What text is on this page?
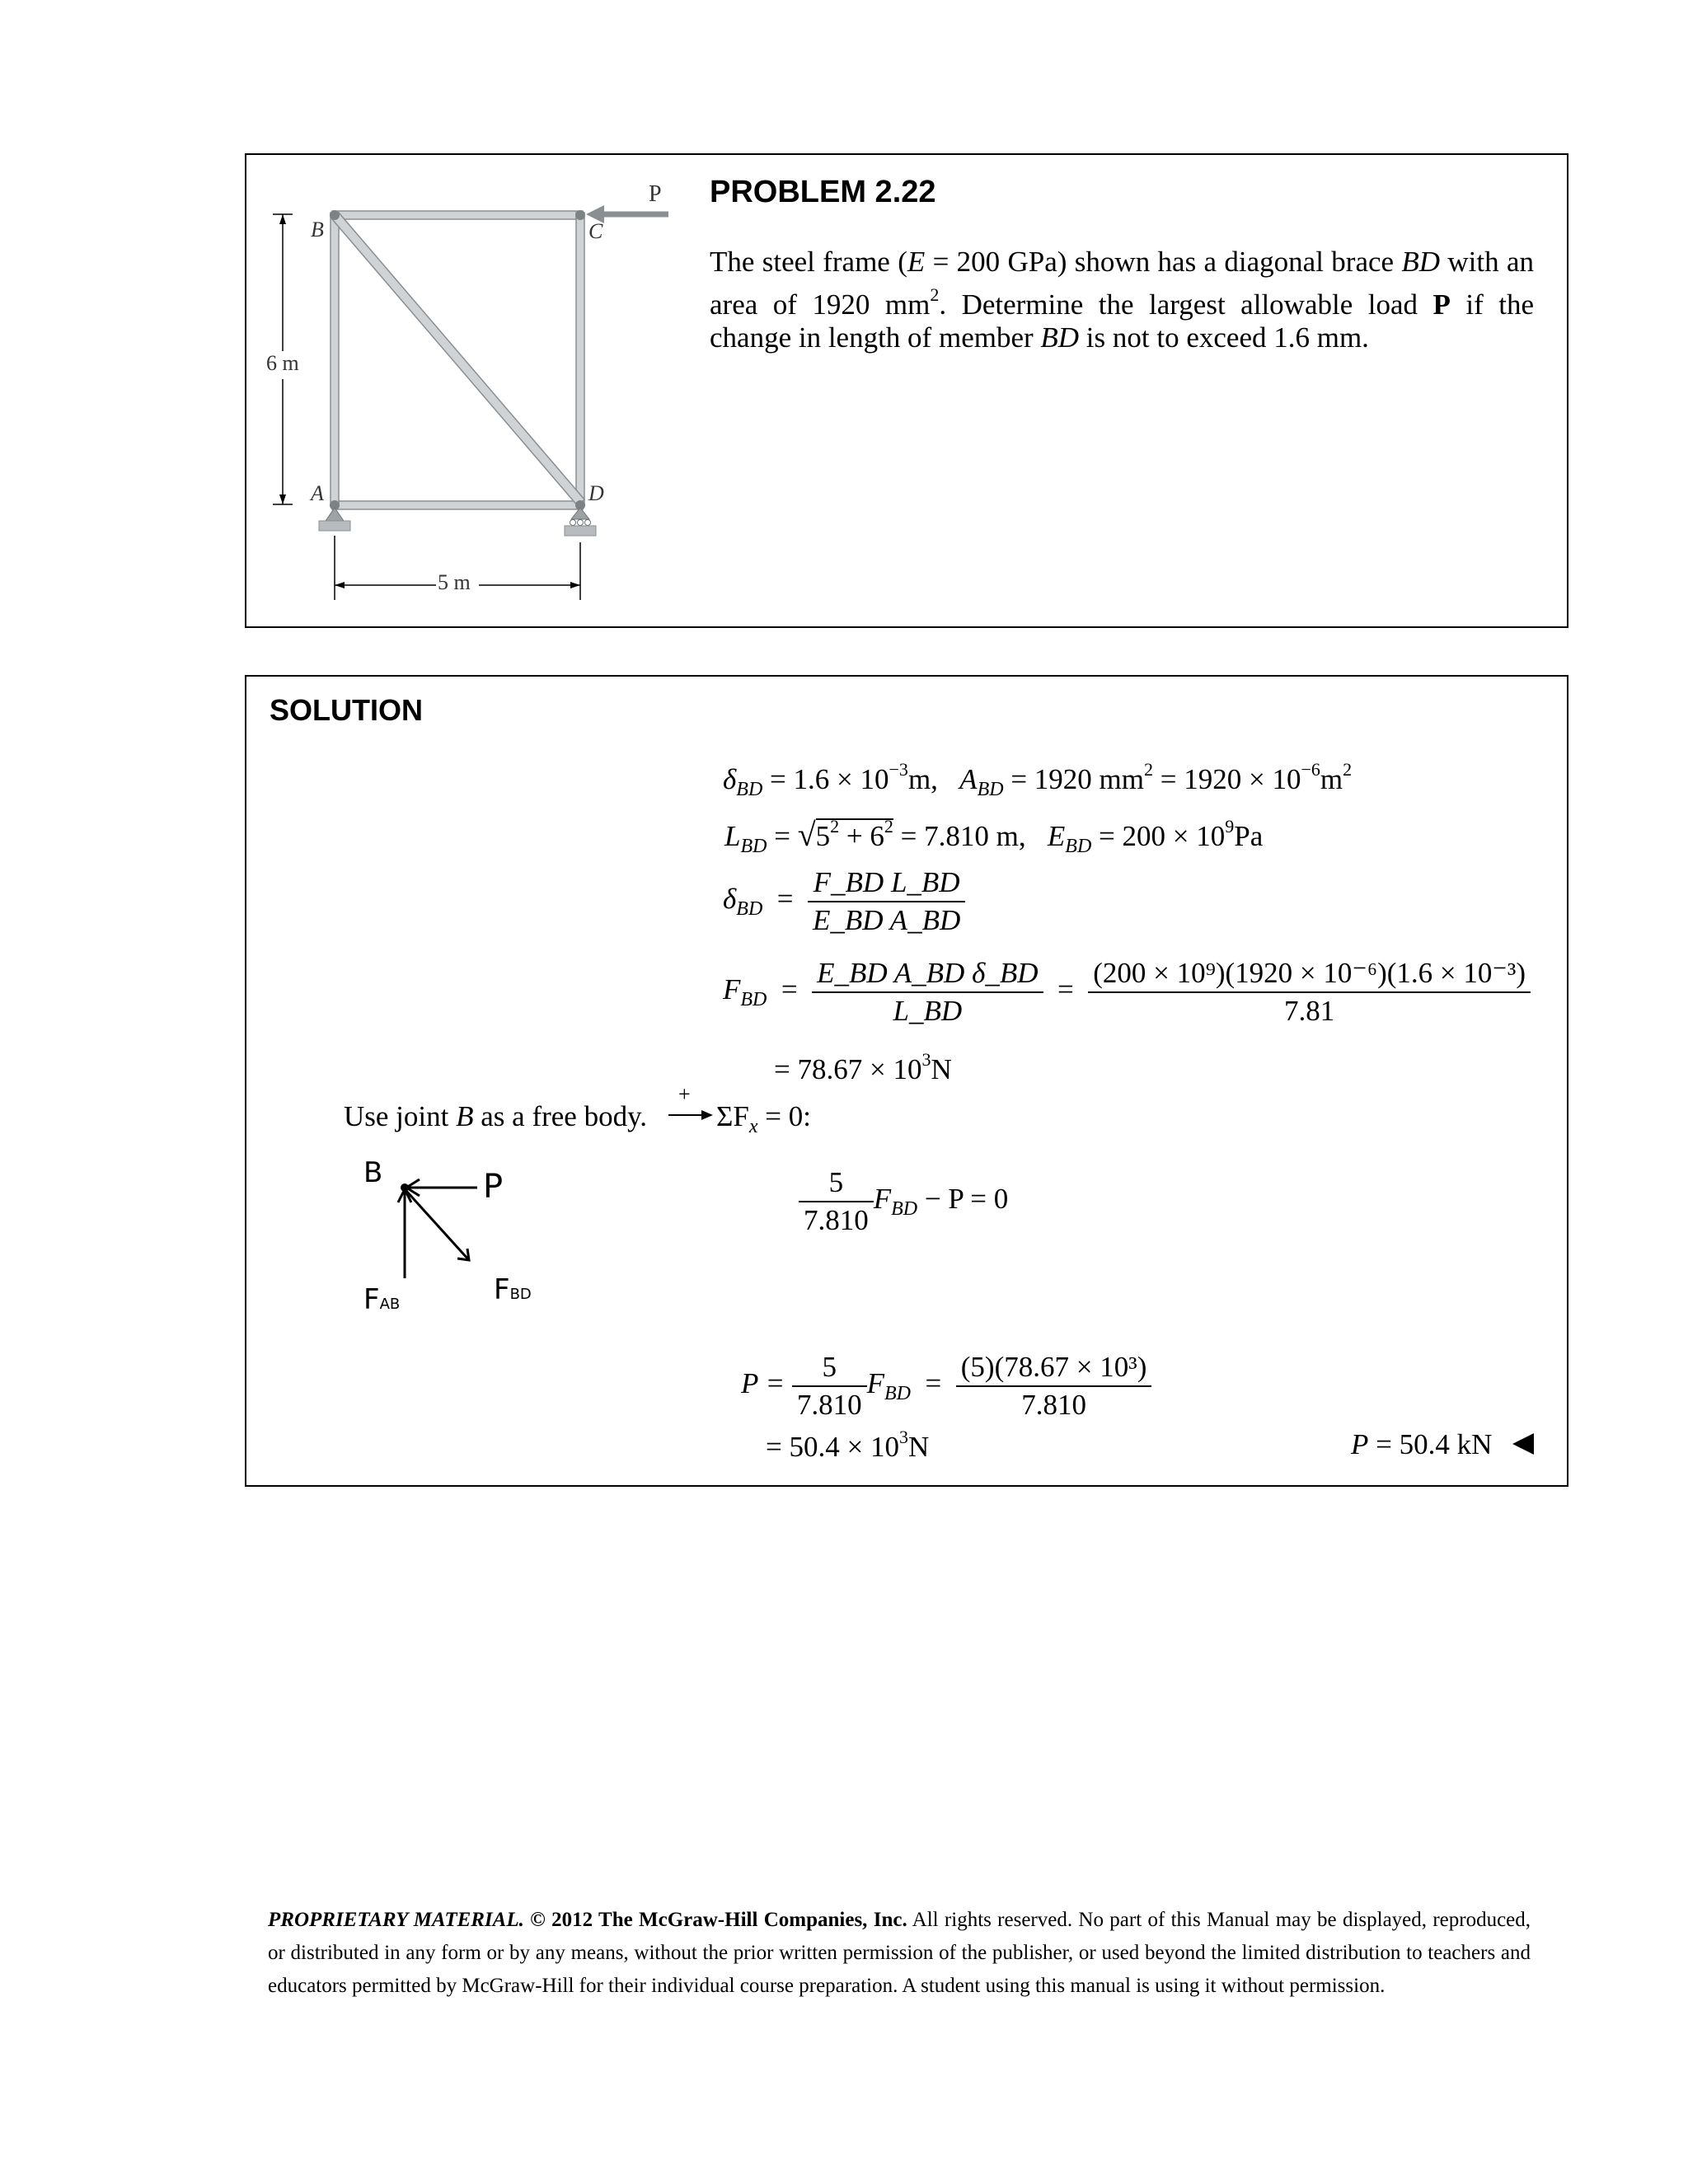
B	C
A	D
P
6 m
5 m
PROBLEM 2.22
The steel frame (E = 200 GPa) shown has a diagonal brace BD with an area of 1920 $mm^2$. Determine the largest allowable load P if the change in length of member BD is not to exceed 1.6 mm.
SOLUTION
$\delta_{BD} = 1.6 \times 10^{-3}m$, $A_{BD} = 1920$ $mm^2 = 1920 \times 10^{-6}m^2$
$L_{BD} = √5^2 + 6^2 = 7.810$ m, $E_{BD} = 200 \times 10^9Pa$
$\delta_{BD} = \frac{\text{F\_BD L\_BD}}{\text{E\_BD A\_BD}}$
$F_{BD} = \frac{\text{E\_BD A\_BD δ\_BD}}{L\_BD} = \frac{\text{(200 × 10⁹)(1920 × 10⁻⁶)(1.6 × 10⁻³)}}{7.81}$
= $78.67 \times 10^3N$
Use joint B as a free body.
+
$\Sigma F_x = 0$:
$\frac{5}{7.810} F_{BD} - P = 0$
$P = \frac{5}{7.810} F_{BD} = \frac{\text{(5)(78.67 × 10³)}}{7.810}$
= $50.4 \times 10^3N$	P = 50.4 kN
B	P
FAB	FBD
PROPRIETARY MATERIAL. © 2012 The McGraw-Hill Companies, Inc. All rights reserved. No part of this Manual may be displayed, reproduced, or distributed in any form or by any means, without the prior written permission of the publisher, or used beyond the limited distribution to teachers and educators permitted by McGraw-Hill for their individual course preparation. A student using this manual is using it without permission.
